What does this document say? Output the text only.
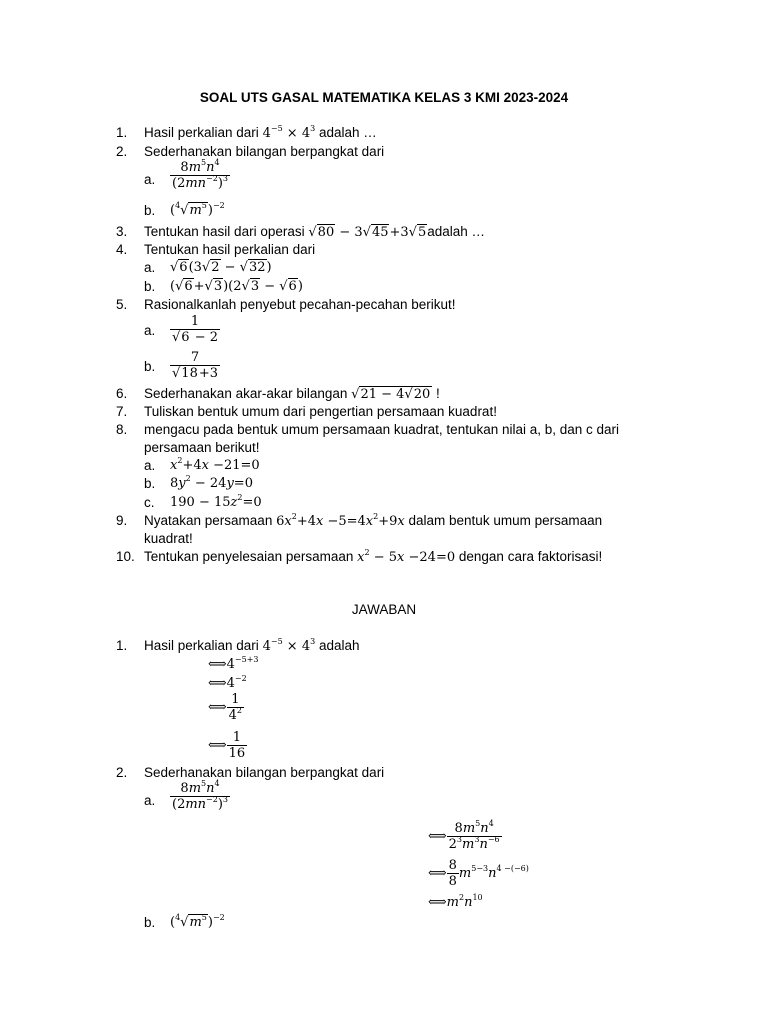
SOAL UTS GASAL MATEMATIKA KELAS 3 KMI 2023-2024
1. Hasil perkalian dari $4^{-5} \times 4^3$ adalah …
2. Sederhanakan bilangan berpangkat dari
a. $\frac{8m^5n^4}{(2mn^{-2})^3}$
b. $(^4√m^5)^{-2}$
3. Tentukan hasil dari operasi √80 − 3√45+3√5adalah …
4. Tentukan hasil perkalian dari
a. √6(3√2 − √32)
b. (√6+√3)(2√3 − √6)
5. Rasionalkanlah penyebut pecahan-pecahan berikut!
a. $\frac{1}{√6 - 2}$
b. $\frac{7}{√18+3}$
6. Sederhanakan akar-akar bilangan √21 − 4√20 !
7. Tuliskan bentuk umum dari pengertian persamaan kuadrat!
8. mengacu pada bentuk umum persamaan kuadrat, tentukan nilai a, b, dan c dari
persamaan berikut!
a. $x^2+4x -21=0$
b. $8y^2 - 24y=0$
c. $190 - 15z^2=0$
9. Nyatakan persamaan $6x^2+4x -5=4x^2+9x$ dalam bentuk umum persamaan
kuadrat!
10. Tentukan penyelesaian persamaan $x^2 - 5x -24=0$ dengan cara faktorisasi!
JAWABAN
1. Hasil perkalian dari $4^{-5} \times 4^3$ adalah
$⟺4^{-5+3}$
$⟺4^{-2}$
⟺ $\frac{1}{4^2}$
⟺ $\frac{1}{16}$
2. Sederhanakan bilangan berpangkat dari
a. $\frac{8m^5n^4}{(2mn^{-2})^3}$
⟺ $\frac{8m^5n^4}{2^3m^3n^{-6}}$
⟺ $\frac{8}{8} m^{5-3}n^{4 -(-6)}$
$⟺m^2n^{10}$
b. $(^4√m^5)^{-2}$
